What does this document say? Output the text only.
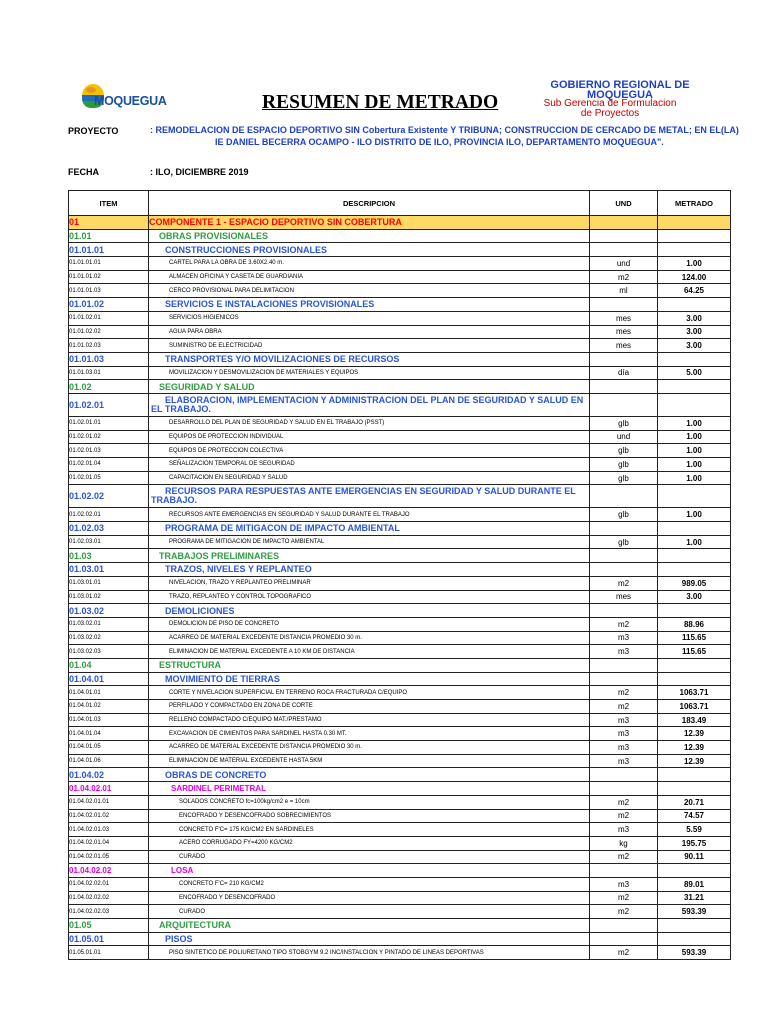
MOQUEGUA	RESUMEN DE METRADO
GOBIERNO REGIONAL DE MOQUEGUA
Sub Gerencia de Formulacion de Proyectos
PROYECTO	: REMODELACION DE ESPACIO DEPORTIVO SIN Cobertura Existente Y TRIBUNA; CONSTRUCCION DE CERCADO DE METAL; EN EL(LA)
IE DANIEL BECERRA OCAMPO - ILO DISTRITO DE ILO, PROVINCIA ILO, DEPARTAMENTO MOQUEGUA".
FECHA	: ILO, DICIEMBRE 2019
ITEM	DESCRIPCION	UND	METRADO
01	COMPONENTE 1 - ESPACIO DEPORTIVO SIN COBERTURA		
01.01	OBRAS PROVISIONALES		
01.01.01	CONSTRUCCIONES PROVISIONALES		
01.01.01.01	CARTEL PARA LA OBRA DE 3.60X2.40 m.	und	1.00
01.01.01.02	ALMACEN OFICINA Y CASETA DE GUARDIANIA	m2	124.00
01.01.01.03	CERCO PROVISIONAL PARA DELIMITACION	ml	64.25
01.01.02	SERVICIOS E INSTALACIONES PROVISIONALES		
01.01.02.01	SERVICIOS HIGIENICOS	mes	3.00
01.01.02.02	AGUA PARA OBRA	mes	3.00
01.01.02.03	SUMINISTRO DE ELECTRICIDAD	mes	3.00
01.01.03	TRANSPORTES Y/O MOVILIZACIONES DE RECURSOS		
01.01.03.01	MOVILIZACION Y DESMOVILIZACION DE MATERIALES Y EQUIPOS	día	5.00
01.02	SEGURIDAD Y SALUD		
01.02.01	ELABORACION, IMPLEMENTACION Y ADMINISTRACION DEL PLAN DE SEGURIDAD Y SALUD EN EL TRABAJO.		
01.02.01.01	DESARROLLO DEL PLAN DE SEGURIDAD Y SALUD EN EL TRABAJO (PSST)	glb	1.00
01.02.01.02	EQUIPOS DE PROTECCION INDIVIDUAL	und	1.00
01.02.01.03	EQUIPOS DE PROTECCION COLECTIVA	glb	1.00
01.02.01.04	SEÑALIZACION TEMPORAL DE SEGURIDAD	glb	1.00
01.02.01.05	CAPACITACION EN SEGURIDAD Y SALUD	glb	1.00
01.02.02	RECURSOS PARA RESPUESTAS ANTE EMERGENCIAS EN SEGURIDAD Y SALUD DURANTE EL TRABAJO.		
01.02.02.01	RECURSOS ANTE EMERGENCIAS EN SEGURIDAD Y SALUD DURANTE EL TRABAJO	glb	1.00
01.02.03	PROGRAMA DE MITIGACON DE IMPACTO AMBIENTAL		
01.02.03.01	PROGRAMA DE MITIGACION DE IMPACTO AMBIENTAL	glb	1.00
01.03	TRABAJOS PRELIMINARES		
01.03.01	TRAZOS, NIVELES Y REPLANTEO		
01.03.01.01	NIVELACION, TRAZO Y REPLANTEO PRELIMINAR	m2	989.05
01.03.01.02	TRAZO, REPLANTEO Y CONTROL TOPOGRAFICO	mes	3.00
01.03.02	DEMOLICIONES		
01.03.02.01	DEMOLICION DE PISO DE CONCRETO	m2	88.96
01.03.02.02	ACARREO DE MATERIAL EXCEDENTE DISTANCIA PROMEDIO 30 m.	m3	115.65
01.03.02.03	ELIMINACION DE MATERIAL EXCEDENTE A 10 KM DE DISTANCIA	m3	115.65
01.04	ESTRUCTURA		
01.04.01	MOVIMIENTO DE TIERRAS		
01.04.01.01	CORTE Y NIVELACION SUPERFICIAL EN TERRENO ROCA FRACTURADA C/EQUIPO	m2	1063.71
01.04.01.02	PERFILADO Y COMPACTADO EN ZONA DE CORTE	m2	1063.71
01.04.01.03	RELLENO COMPACTADO C/EQUIPO MAT./PRESTAMO	m3	183.49
01.04.01.04	EXCAVACION DE CIMIENTOS PARA SARDINEL HASTA 0.30 MT.	m3	12.39
01.04.01.05	ACARREO DE MATERIAL EXCEDENTE DISTANCIA PROMEDIO 30 m.	m3	12.39
01.04.01.06	ELIMINACION DE MATERIAL EXCEDENTE HASTA 5KM	m3	12.39
01.04.02	OBRAS DE CONCRETO		
01.04.02.01	SARDINEL PERIMETRAL		
01.04.02.01.01	SOLADOS CONCRETO fc=100kg/cm2 e = 10cm	m2	20.71
01.04.02.01.02	ENCOFRADO Y DESENCOFRADO SOBRECIMIENTOS	m2	74.57
01.04.02.01.03	CONCRETO F'C= 175 KG/CM2 EN SARDINELES	m3	5.59
01.04.02.01.04	ACERO CORRUGADO FY=4200 KG/CM2	kg	195.75
01.04.02.01.05	CURADO	m2	90.11
01.04.02.02	LOSA		
01.04.02.02.01	CONCRETO F'C= 210 KG/CM2	m3	89.01
01.04.02.02.02	ENCOFRADO Y DESENCOFRADO	m2	31.21
01.04.02.02.03	CURADO	m2	593.39
01.05	ARQUITECTURA		
01.05.01	PISOS		
01.05.01.01	PISO SINTETICO DE POLIURETANO TIPO STOBGYM 9.2 INC/INSTALCION Y PINTADO DE LINEAS DEPORTIVAS	m2	593.39
